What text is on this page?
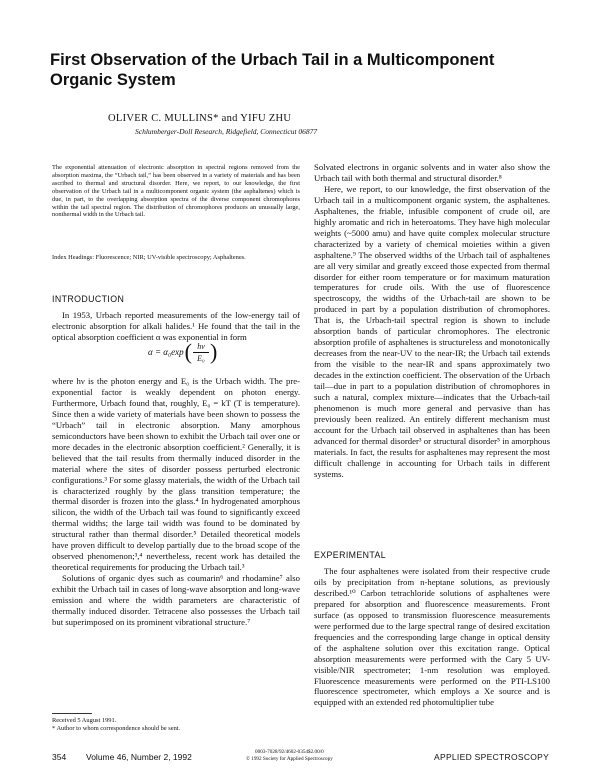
First Observation of the Urbach Tail in a Multicomponent Organic System
OLIVER C. MULLINS* and YIFU ZHU
Schlumberger-Doll Research, Ridgefield, Connecticut 06877
The exponential attenuation of electronic absorption in spectral regions removed from the absorption maxima, the “Urbach tail,” has been observed in a variety of materials and has been ascribed to thermal and structural disorder. Here, we report, to our knowledge, the first observation of the Urbach tail in a multicomponent organic system (the asphaltenes) which is due, in part, to the overlapping absorption spectra of the diverse component chromophores within the tail spectral region. The distribution of chromophores produces an unusually large, nonthermal width in the Urbach tail.
Index Headings: Fluorescence; NIR; UV-visible spectroscopy; Asphaltenes.
INTRODUCTION

In 1953, Urbach reported measurements of the low-energy tail of electronic absorption for alkali halides.¹ He found that the tail in the optical absorption coefficient α was exponential in form

α = α₀exp ( $\frac{h\nu}{\text{E₀}}$ )

where hν is the photon energy and E₀ is the Urbach width. The pre-exponential factor is weakly dependent on photon energy. Furthermore, Urbach found that, roughly, E₀ = kT (T is temperature). Since then a wide variety of materials have been shown to possess the “Urbach” tail in electronic absorption. Many amorphous semiconductors have been shown to exhibit the Urbach tail over one or more decades in the electronic absorption coefficient.² Generally, it is believed that the tail results from thermally induced disorder in the material where the sites of disorder possess perturbed electronic configurations.³ For some glassy materials, the width of the Urbach tail is characterized roughly by the glass transition temperature; the thermal disorder is frozen into the glass.⁴ In hydrogenated amorphous silicon, the width of the Urbach tail was found to significantly exceed thermal widths; the large tail width was found to be dominated by structural rather than thermal disorder.⁵ Detailed theoretical models have proven difficult to develop partially due to the broad scope of the observed phenomenon;³,⁴ nevertheless, recent work has detailed the theoretical requirements for producing the Urbach tail.³

Solutions of organic dyes such as coumarin⁶ and rhodamine⁷ also exhibit the Urbach tail in cases of long-wave absorption and long-wave emission and where the width parameters are characteristic of thermally induced disorder. Tetracene also possesses the Urbach tail but superimposed on its prominent vibrational structure.⁷

Received 5 August 1991.
* Author to whom correspondence should be sent.

Solvated electrons in organic solvents and in water also show the Urbach tail with both thermal and structural disorder.⁸

Here, we report, to our knowledge, the first observation of the Urbach tail in a multicomponent organic system, the asphaltenes. Asphaltenes, the friable, infusible component of crude oil, are highly aromatic and rich in heteroatoms. They have high molecular weights (~5000 amu) and have quite complex molecular structure characterized by a variety of chemical moieties within a given asphaltene.⁹ The observed widths of the Urbach tail of asphaltenes are all very similar and greatly exceed those expected from thermal disorder for either room temperature or for maximum maturation temperatures for crude oils. With the use of fluorescence spectroscopy, the widths of the Urbach-tail are shown to be produced in part by a population distribution of chromophores. That is, the Urbach-tail spectral region is shown to include absorption bands of particular chromophores. The electronic absorption profile of asphaltenes is structureless and monotonically decreases from the near-UV to the near-IR; the Urbach tail extends from the visible to the near-IR and spans approximately two decades in the extinction coefficient. The observation of the Urbach tail—due in part to a population distribution of chromophores in such a natural, complex mixture—indicates that the Urbach-tail phenomenon is much more general and pervasive than has previously been realized. An entirely different mechanism must account for the Urbach tail observed in asphaltenes than has been advanced for thermal disorder³ or structural disorder⁵ in amorphous materials. In fact, the results for asphaltenes may represent the most difficult challenge in accounting for Urbach tails in different systems.

EXPERIMENTAL

The four asphaltenes were isolated from their respective crude oils by precipitation from n-heptane solutions, as previously described.¹⁰ Carbon tetrachloride solutions of asphaltenes were prepared for absorption and fluorescence measurements. Front surface (as opposed to transmission fluorescence measurements were performed due to the large spectral range of desired excitation frequencies and the corresponding large change in optical density of the asphaltene solution over this excitation range. Optical absorption measurements were performed with the Cary 5 UV-visible/NIR spectrometer; 1-nm resolution was employed. Fluorescence measurements were performed on the PTI-LS100 fluorescence spectrometer, which employs a Xe source and is equipped with an extended red photomultiplier tube

354 Volume 46, Number 2, 1992	0003-7028/92/4602-0354$2.00/0
© 1992 Society for Applied Spectroscopy	APPLIED SPECTROSCOPY
